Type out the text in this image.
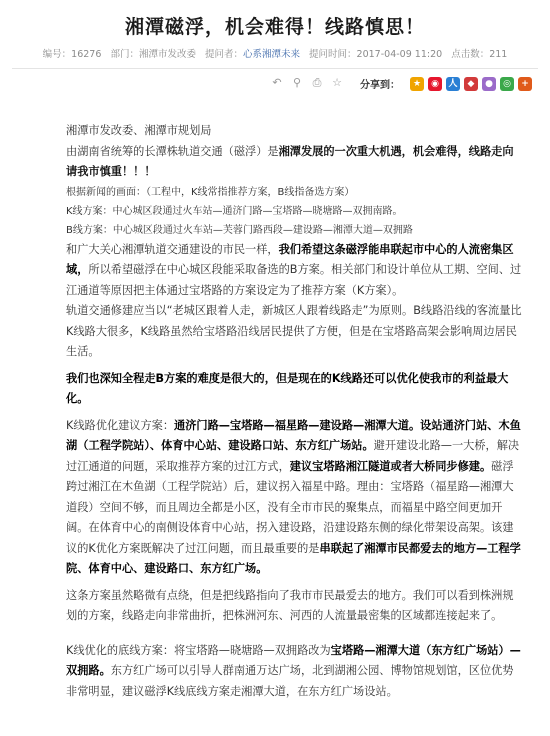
湘潭磁浮，机会难得！线路慎思！
编号：16276 部门：湘潭市发改委 提问者：心系湘潭未来 提问时间：2017-04-09 11:20 点击数：211
↶ ⚲ ⎙ ☆ 分享到：	★	◉	人	◆	●	◎	+

湘潭市发改委、湘潭市规划局

由湖南省统筹的长潭株轨道交通（磁浮）是湘潭发展的一次重大机遇，机会难得，线路走向请我市慎重！！！

根据新闻的画面：（工程中，K线常指推荐方案，B线指备选方案）

K线方案：中心城区段通过火车站—通济门路—宝塔路—晓塘路—双拥南路。

B线方案：中心城区段通过火车站—芙蓉门路西段—建设路—湘潭大道—双拥路

和广大关心湘潭轨道交通建设的市民一样，我们希望这条磁浮能串联起市中心的人流密集区域，所以希望磁浮在中心城区段能采取备选的B方案。相关部门和设计单位从工期、空间、过江通道等原因把主体通过宝塔路的方案设定为了推荐方案（K方案）。

轨道交通修建应当以“老城区跟着人走，新城区人跟着线路走”为原则。B线路沿线的客流量比K线路大很多，K线路虽然给宝塔路沿线居民提供了方便，但是在宝塔路高架会影响周边居民生活。

我们也深知全程走B方案的难度是很大的，但是现在的K线路还可以优化使我市的利益最大化。

K线路优化建议方案：通济门路—宝塔路—福星路—建设路—湘潭大道。设站通济门站、木鱼湖（工程学院站）、体育中心站、建设路口站、东方红广场站。避开建设北路—一大桥，解决过江通道的问题，采取推荐方案的过江方式，建议宝塔路湘江隧道或者大桥同步修建。磁浮跨过湘江在木鱼湖（工程学院站）后，建议拐入福星中路。理由：宝塔路（福星路—湘潭大道段）空间不够，而且周边全都是小区，没有全市市民的聚集点，而福星中路空间更加开阔。在体育中心的南侧设体育中心站，拐入建设路，沿建设路东侧的绿化带架设高架。该建议的K优化方案既解决了过江问题，而且最重要的是串联起了湘潭市民都爱去的地方—工程学院、体育中心、建设路口、东方红广场。

这条方案虽然略微有点绕，但是把线路指向了我市市民最爱去的地方。我们可以看到株洲规划的方案，线路走向非常曲折，把株洲河东、河西的人流量最密集的区域都连接起来了。

K线优化的底线方案：将宝塔路—晓塘路—双拥路改为宝塔路—湘潭大道（东方红广场站）—双拥路。东方红广场可以引导人群南通万达广场，北到湖湘公园、博物馆规划馆，区位优势非常明显，建议磁浮K线底线方案走湘潭大道，在东方红广场设站。
